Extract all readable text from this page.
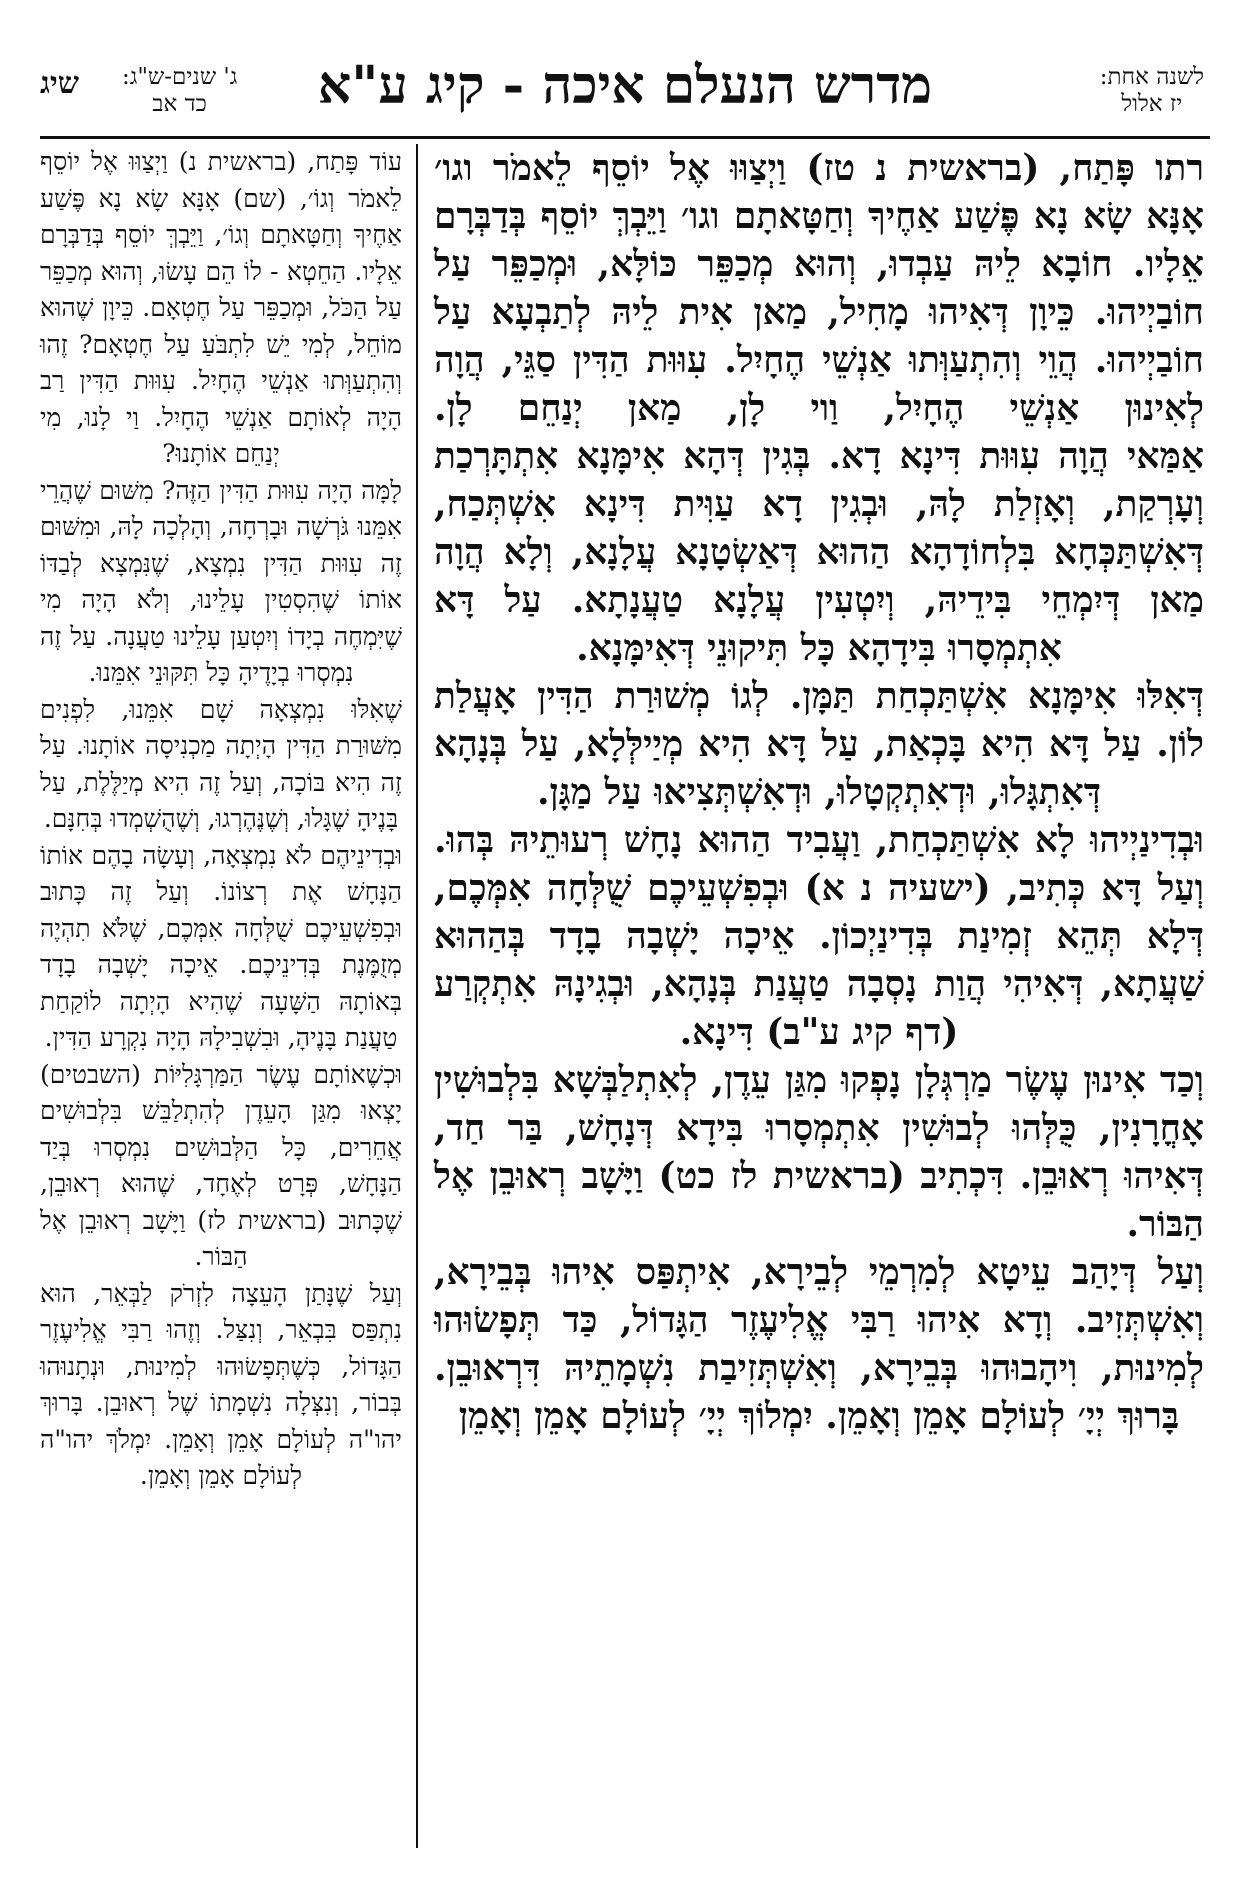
לשנה אחת:
יז אלול
מדרש הנעלם איכה - קיג ע"א
ג' שנים-ש"ג:
כד אב
שיג

רתו פָּתַח, (בראשית נ טז) וַיְצַוּוּ אֶל יוֹסֵף לֵאמֹר וגו׳ אָנָּא שָׂא נָא פֶּשַׁע אַחֶיךָ וְחַטָּאתָם וגו׳ וַיֵּבְךְּ יוֹסֵף בְּדַבְּרָם אֵלָיו. חוֹבָא לֵיהּ עַבְדוּ, וְהוּא מְכַפֵּר כּוֹלָּא, וּמְכַפֵּר עַל חוֹבַיְיהוּ. כֵּיוָן דְּאִיהוּ מָחִיל, מַאן אִית לֵיהּ לְתַבְעָא עַל חוֹבַיְיהוּ. הֲוֵי וְהִתְעַוְּתוּ אַנְשֵׁי הֶחָיִל. עִוּוּת הַדִּין סַגֵּי, הֲוָה לְאִינוּן אַנְשֵׁי הֶחָיִל, וַוי לָן, מַאן יְנַחֵם לָן.

אַמַּאי הֲוָה עִוּוּת דִּינָא דָא. בְּגִין דְּהָא אִימָּנָא אִתְתָּרְכַת וְעָרְקַת, וְאָזְלַת לָהּ, וּבְגִין דָא עַוִּית דִּינָא אִשְׁתְּכַח, דְּאִשְׁתַּכְּחָא בִּלְחוֹדָהָא הַהוּא דְּאַשְׂטָנָא עֲלָנָא, וְלָא הֲוָה מַאן דְּיִמְחֵי בִּידֵיהּ, וְיִטְעִין עֲלָנָא טַעֲנָתָא. עַל דָּא אִתְמְסָרוּ בִּידָהָא כָּל תִּיקוּנֵי דְּאִימָּנָא.

דְּאִלּוּ אִימָּנָא אִשְׁתַּכְחַת תַּמָּן. לְגוֹ מְשׁוּרַת הַדִּין אָעֲלַת לוֹן. עַל דָּא הִיא בָּכְאַת, עַל דָּא הִיא מְיַילְּלָא, עַל בְּנָהָא דְּאִתְגָּלוּ, וּדְאִתְקְטָלוּ, וּדְאִשְׁתְּצִיאוּ עַל מַגָּן.

וּבְדִינַיְיהוּ לָא אִשְׁתַּכְחַת, וַעֲבִיד הַהוּא נָחָשׁ רְעוּתֵיהּ בְּהוּ. וְעַל דָּא כְּתִיב, (ישעיה נ א) וּבְפִשְׁעֵיכֶם שֻׁלְּחָה אִמְּכֶם, דְּלָא תְּהֵא זְמִינַת בְּדִינַיְכוֹן. אֵיכָה יָשְׁבָה בָדָד בְּהַהוּא שַׁעֲתָא, דְּאִיהִי הֲוַת נָסְבָה טַעֲנַת בְּנָהָא, וּבְגִינָהּ אִתְקְרַע (דף קיג ע"ב) דִּינָא.

וְכַד אִינוּן עֶשֶׂר מַרְגְּלָן נָפְקוּ מִגַּן עֵדֶן, לְאִתְלַבְּשָׁא בִּלְבוּשִׁין אָחֳרָנִין, כֻּלְּהוּ לְבוּשִׁין אִתְמְסָרוּ בִּידָא דְּנָחָשׁ, בַּר חַד, דְּאִיהוּ רְאוּבֵן. דִּכְתִיב (בראשית לז כט) וַיָּשָׁב רְאוּבֵן אֶל הַבּוֹר.

וְעַל דְּיָהַב עֵיטָא לְמִרְמֵי לְבֵירָא, אִיתְפַּס אִיהוּ בְּבֵירָא, וְאִשְׁתְּזִיב. וְדָא אִיהוּ רַבִּי אֱלִיעֶזֶר הַגָּדוֹל, כַּד תְּפָשׂוּהוּ לְמִינוּת, וִיהָבוּהוּ בְּבֵירָא, וְאִשְׁתְּזִיבַת נִשְׁמָתֵיהּ דִּרְאוּבֵן. בָּרוּךְ יְיָ׳ לְעוֹלָם אָמֵן וְאָמֵן. יִמְלוֹךְ יְיָ׳ לְעוֹלָם אָמֵן וְאָמֵן

עוֹד פָּתַח, (בראשית נ) וַיְצַוּוּ אֶל יוֹסֵף לֵאמֹר וְגוֹ׳, (שם) אָנָּא שָׂא נָא פֶּשַׁע אַחֶיךָ וְחַטָּאתָם וְגוֹ׳, וַיֵּבְךְּ יוֹסֵף בְּדַבְּרָם אֵלָיו. הַחֵטְא - לוֹ הֵם עָשׂוּ, וְהוּא מְכַפֵּר עַל הַכֹּל, וּמְכַפֵּר עַל חֶטְאָם. כֵּיוָן שֶׁהוּא מוֹחֵל, לְמִי יֵשׁ לִתְבֹּעַ עַל חֶטְאָם? זֶהוּ וְהִתְעַוְּתוּ אַנְשֵׁי הֶחָיִל. עִוּוּת הַדִּין רַב הָיָה לְאוֹתָם אַנְשֵׁי הֶחָיִל. וַי לָנוּ, מִי יְנַחֵם אוֹתָנוּ?

לָמָּה הָיָה עִוּוּת הַדִּין הַזֶּה? מִשּׁוּם שֶׁהֲרֵי אִמֵּנוּ גֹּרְשָׁה וּבָרְחָה, וְהָלְכָה לָהּ, וּמִשּׁוּם זֶה עִוּוּת הַדִּין נִמְצָא, שֶׁנִּמְצָא לְבַדּוֹ אוֹתוֹ שֶׁהִסְטִין עָלֵינוּ, וְלֹא הָיָה מִי שֶׁיִּמְחֶה בְיָדוֹ וְיִטְעַן עָלֵינוּ טַעֲנָה. עַל זֶה נִמְסְרוּ בְיָדֶיהָ כָּל תִּקּוּנֵי אִמֵּנוּ.

שֶׁאִלּוּ נִמְצְאָה שָׁם אִמֵּנוּ, לִפְנִים מִשּׁוּרַת הַדִּין הָיְתָה מַכְנִיסָה אוֹתָנוּ. עַל זֶה הִיא בּוֹכָה, וְעַל זֶה הִיא מְיַלֶּלֶת, עַל בָּנֶיהָ שֶׁגָּלוּ, וְשֶׁנֶּהֶרְגוּ, וְשֶׁהֻשְׁמְדוּ בְּחִנָּם.

וּבְדִינֵיהֶם לֹא נִמְצְאָה, וְעָשָׂה בָהֶם אוֹתוֹ הַנָּחָשׁ אֶת רְצוֹנוֹ. וְעַל זֶה כָּתוּב וּבְפִשְׁעֵיכֶם שֻׁלְּחָה אִמְּכֶם, שֶׁלֹּא תִהְיֶה מְזֻמֶּנֶת בְּדִינֵיכֶם. אֵיכָה יָשְׁבָה בָדָד בְּאוֹתָהּ הַשָּׁעָה שֶׁהִיא הָיְתָה לוֹקַחַת טַעֲנַת בָּנֶיהָ, וּבִשְׁבִילָהּ הָיָה נִקְרָע הַדִּין.

וּכְשֶׁאוֹתָם עֶשֶׂר הַמַּרְגָּלִיּוֹת (השבטים) יָצְאוּ מִגַּן הָעֵדֶן לְהִתְלַבֵּשׁ בִּלְבוּשִׁים אֲחֵרִים, כָּל הַלְּבוּשִׁים נִמְסְרוּ בְּיַד הַנָּחָשׁ, פְּרָט לְאֶחָד, שֶׁהוּא רְאוּבֵן, שֶׁכָּתוּב (בראשית לז) וַיָּשָׁב רְאוּבֵן אֶל הַבּוֹר.

וְעַל שֶׁנָּתַן הָעֵצָה לִזְרֹק לַבְּאֵר, הוּא נִתְפַּס בִּבְאֵר, וְנִצַּל. וְזֶהוּ רַבִּי אֱלִיעֶזֶר הַגָּדוֹל, כְּשֶׁתְּפָשׂוּהוּ לְמִינוּת, וּנְתָנוּהוּ בְּבוֹר, וְנִצְּלָה נִשְׁמָתוֹ שֶׁל רְאוּבֵן. בָּרוּךְ יהו"ה לְעוֹלָם אָמֵן וְאָמֵן. יִמְלֹךְ יהו"ה לְעוֹלָם אָמֵן וְאָמֵן.
